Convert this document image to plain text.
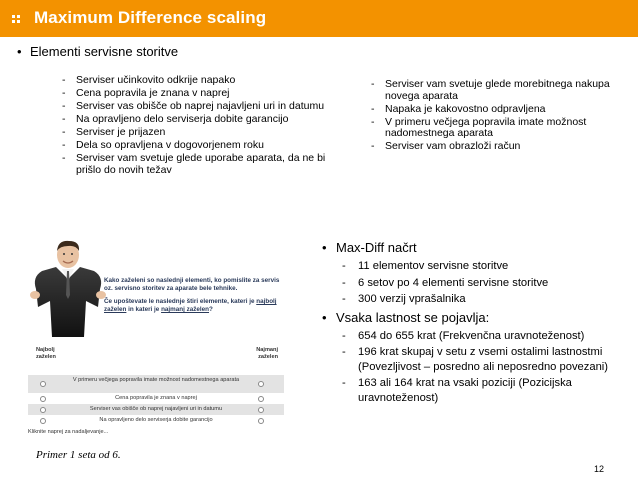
Maximum Difference scaling
• Elementi servisne storitve
- Serviser učinkovito odkrije napako
- Cena popravila je znana v naprej
- Serviser vas obišče ob naprej najavljeni uri in datumu
- Na opravljeno delo serviserja dobite garancijo
- Serviser je prijazen
- Dela so opravljena v dogovorjenem roku
- Serviser vam svetuje glede uporabe aparata, da ne bi prišlo do novih težav
- Serviser vam svetuje glede morebitnega nakupa novega aparata
- Napaka je kakovostno odpravljena
- V primeru večjega popravila imate možnost nadomestnega aparata
- Serviser vam obrazloži račun

Kako zaželeni so naslednji elementi, ko pomislite za servis oz. servisno storitev za aparate bele tehnike.

Če upoštevate le naslednje štiri elemente, kateri je najbolj zaželen in kateri je najmanj zaželen?

Najbolj zaželen
Najmanj zaželen
V primeru večjega popravila imate možnost nadomestnega aparata
Cena popravila je znana v naprej
Serviser vas obišče ob naprej najavljeni uri in datumu
Na opravljeno delo serviserja dobite garancijo
Kliknite naprej za nadaljevanje...
Primer 1 seta od 6.
• Max-Diff načrt
- 11 elementov servisne storitve
- 6 setov po 4 elementi servisne storitve
- 300 verzij vprašalnika
• Vsaka lastnost se pojavlja:
- 654 do 655 krat (Frekvenčna uravnoteženost)
- 196 krat skupaj v setu z vsemi ostalimi lastnostmi (Povezljivost – posredno ali neposredno povezani)
- 163 ali 164 krat na vsaki poziciji (Pozicijska uravnoteženost)
12
